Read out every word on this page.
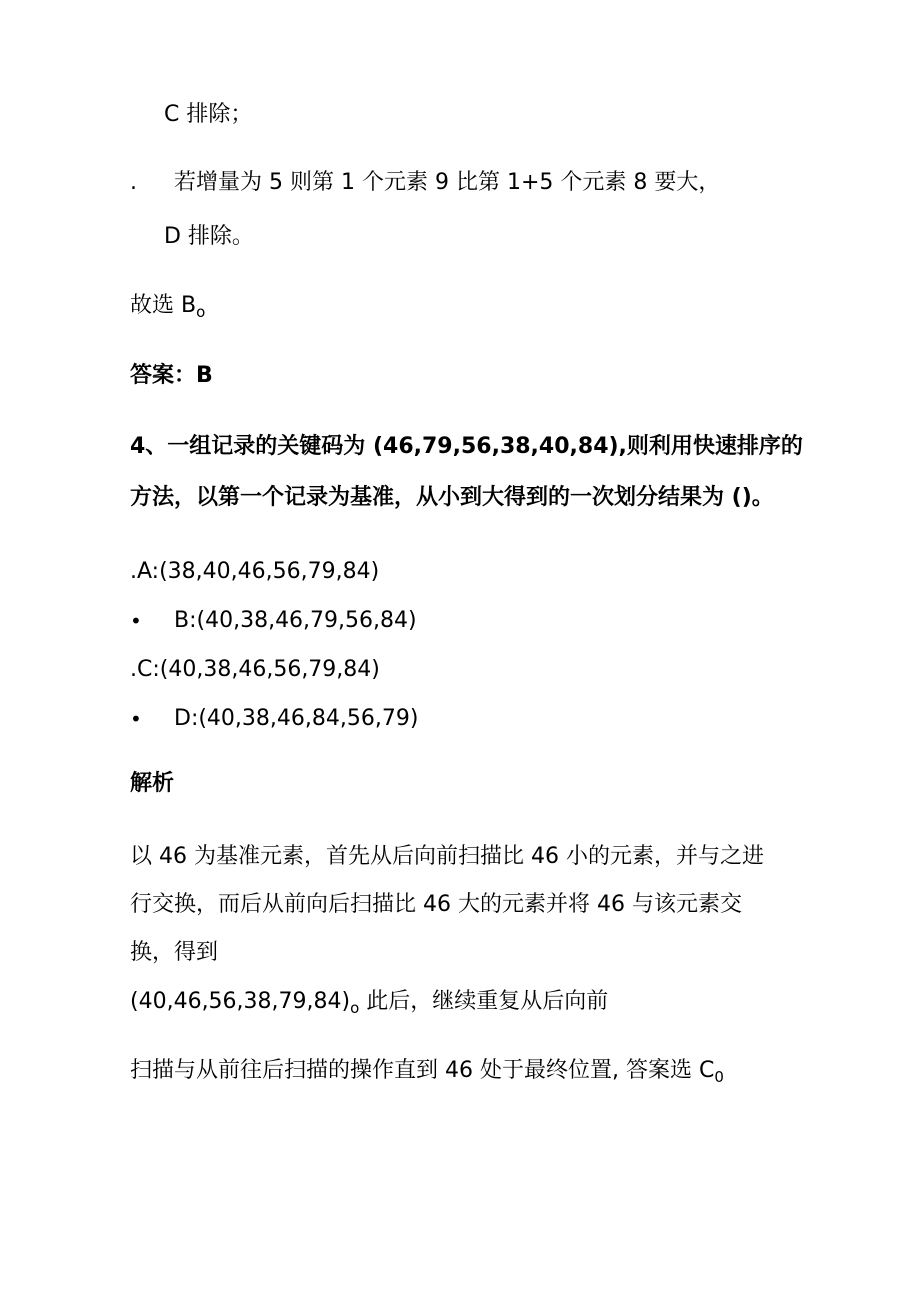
C 排除；
. 若增量为 5 则第 1 个元素 9 比第 1+5 个元素 8 要大，
D 排除。
故选 $B_o$
答案：B
4、一组记录的关键码为 (46,79,56,38,40,84),则利用快速排序的
方法，以第一个记录为基准，从小到大得到的一次划分结果为 ()。
.A:(38,40,46,56,79,84)
• B:(40,38,46,79,56,84)
.C:(40,38,46,56,79,84)
• D:(40,38,46,84,56,79)
解析
以 46 为基准元素，首先从后向前扫描比 46 小的元素，并与之进
行交换，而后从前向后扫描比 46 大的元素并将 46 与该元素交
换，得到
$(40,46,56,38,79,84)_o$ 此后，继续重复从后向前
扫描与从前往后扫描的操作直到 46 处于最终位置, 答案选 $C_0$
